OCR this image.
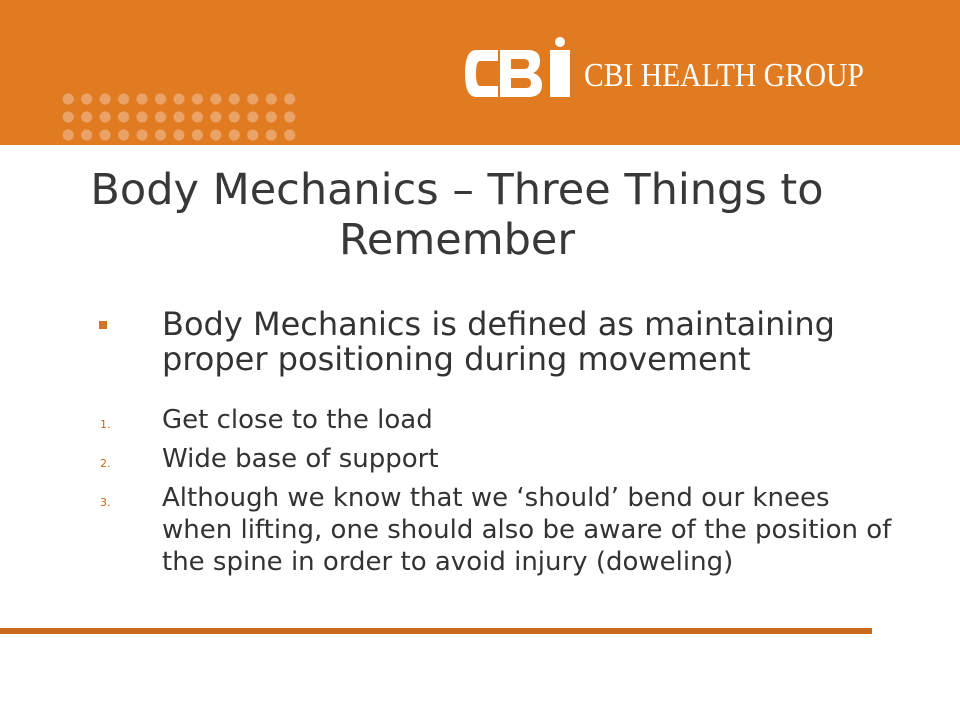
CBI HEALTH GROUP
Body Mechanics – Three Things to Remember
Body Mechanics is defined as maintaining proper positioning during movement
1.	Get close to the load
2.	Wide base of support
3.	Although we know that we ‘should’ bend our knees when lifting, one should also be aware of the position of the spine in order to avoid injury (doweling)
